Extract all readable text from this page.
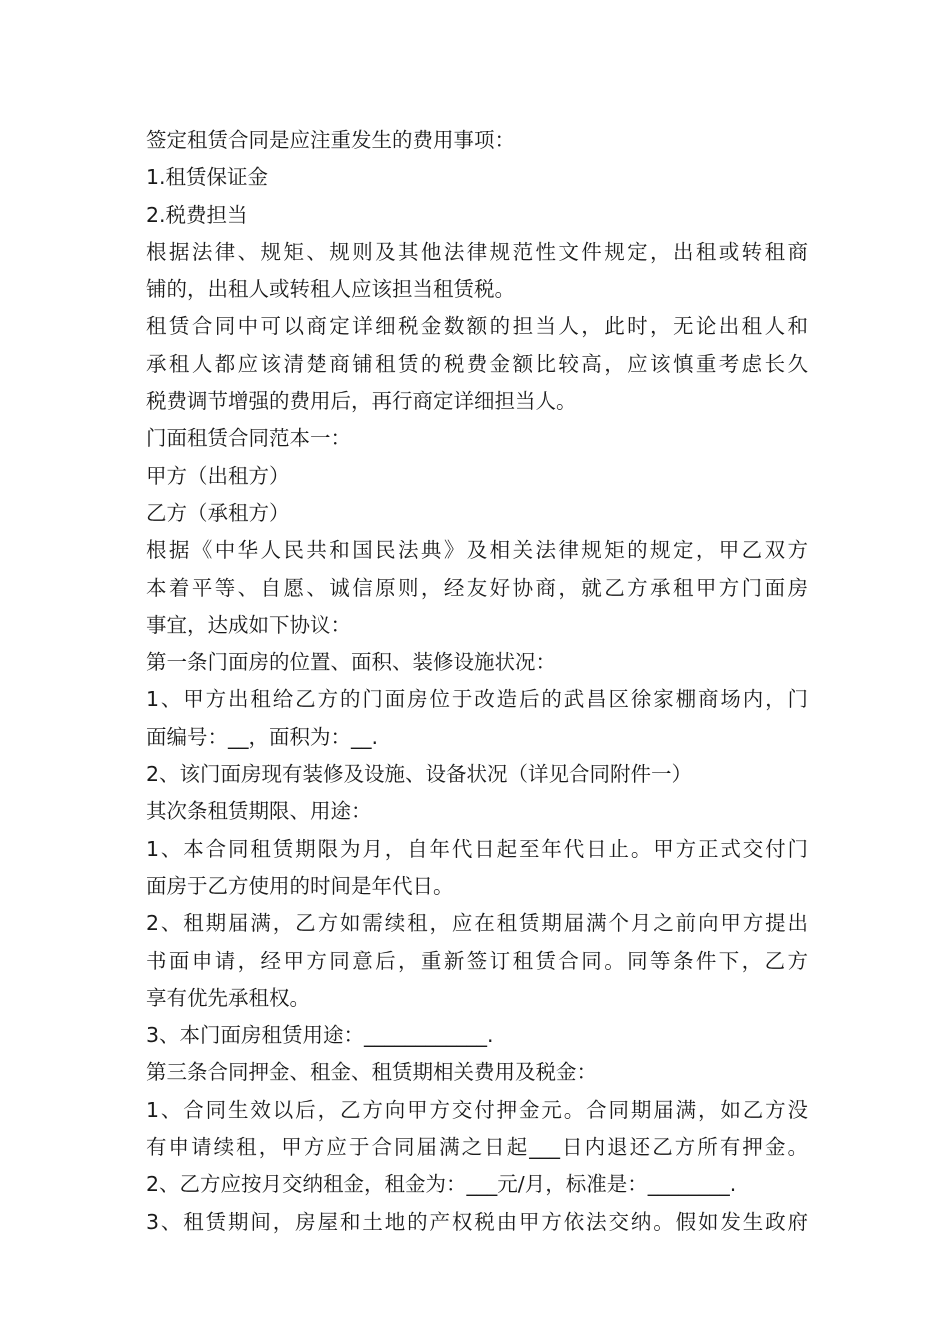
签定租赁合同是应注重发生的费用事项：
1.租赁保证金
2.税费担当
根据法律、规矩、规则及其他法律规范性文件规定，出租或转租商
铺的，出租人或转租人应该担当租赁税。
租赁合同中可以商定详细税金数额的担当人，此时，无论出租人和
承租人都应该清楚商铺租赁的税费金额比较高，应该慎重考虑长久
税费调节增强的费用后，再行商定详细担当人。
门面租赁合同范本一：
甲方（出租方）
乙方（承租方）
根据《中华人民共和国民法典》及相关法律规矩的规定，甲乙双方
本着平等、自愿、诚信原则，经友好协商，就乙方承租甲方门面房
事宜，达成如下协议：
第一条门面房的位置、面积、装修设施状况：
1、甲方出租给乙方的门面房位于改造后的武昌区徐家棚商场内，门
面编号：__，面积为：__.
2、该门面房现有装修及设施、设备状况（详见合同附件一）
其次条租赁期限、用途：
1、本合同租赁期限为月，自年代日起至年代日止。甲方正式交付门
面房于乙方使用的时间是年代日。
2、租期届满，乙方如需续租，应在租赁期届满个月之前向甲方提出
书面申请，经甲方同意后，重新签订租赁合同。同等条件下，乙方
享有优先承租权。
3、本门面房租赁用途：____________.
第三条合同押金、租金、租赁期相关费用及税金：
1、合同生效以后，乙方向甲方交付押金元。合同期届满，如乙方没
有申请续租，甲方应于合同届满之日起___日内退还乙方所有押金。
2、乙方应按月交纳租金，租金为：___元/月，标准是：________.
3、租赁期间，房屋和土地的产权税由甲方依法交纳。假如发生政府
